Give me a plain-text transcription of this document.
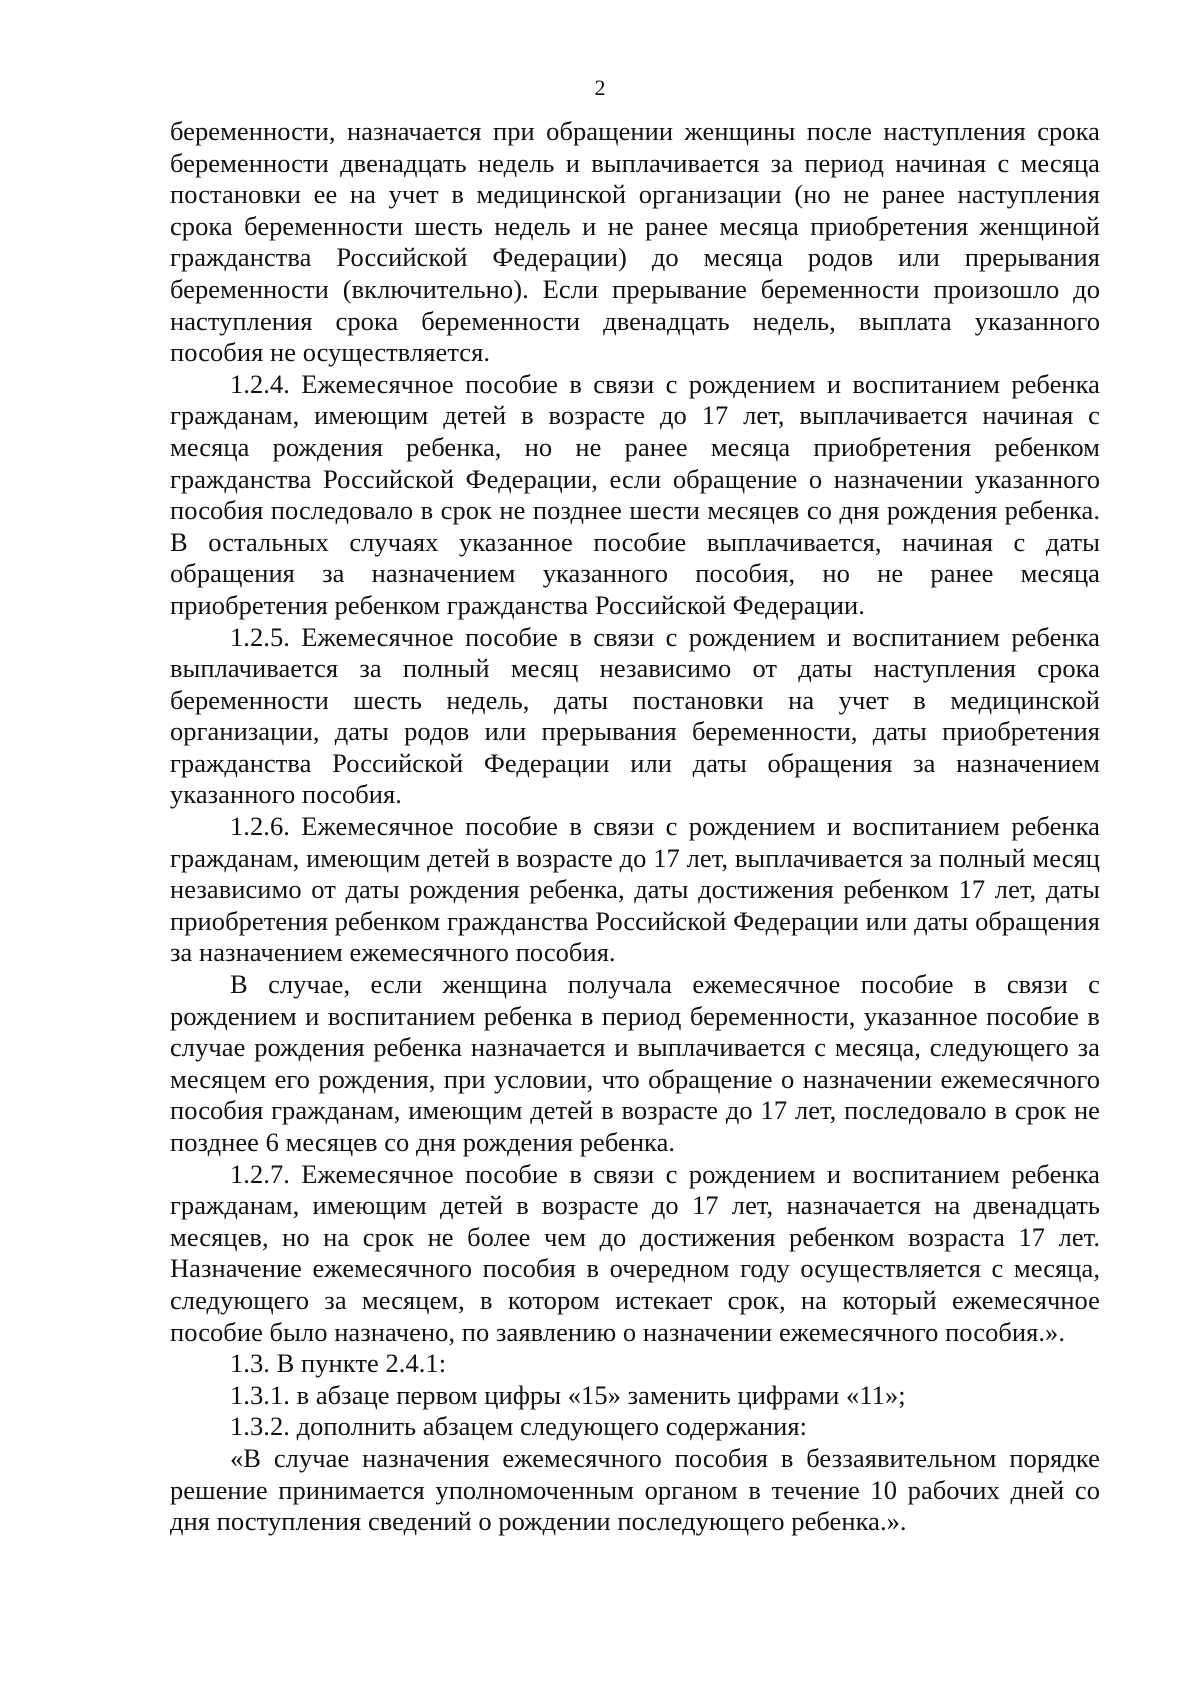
2

беременности, назначается при обращении женщины после наступления срока беременности двенадцать недель и выплачивается за период начиная с месяца постановки ее на учет в медицинской организации (но не ранее наступления срока беременности шесть недель и не ранее месяца приобретения женщиной гражданства Российской Федерации) до месяца родов или прерывания беременности (включительно). Если прерывание беременности произошло до наступления срока беременности двенадцать недель, выплата указанного пособия не осуществляется.

1.2.4. Ежемесячное пособие в связи с рождением и воспитанием ребенка гражданам, имеющим детей в возрасте до 17 лет, выплачивается начиная с месяца рождения ребенка, но не ранее месяца приобретения ребенком гражданства Российской Федерации, если обращение о назначении указанного пособия последовало в срок не позднее шести месяцев со дня рождения ребенка. В остальных случаях указанное пособие выплачивается, начиная с даты обращения за назначением указанного пособия, но не ранее месяца приобретения ребенком гражданства Российской Федерации.

1.2.5. Ежемесячное пособие в связи с рождением и воспитанием ребенка выплачивается за полный месяц независимо от даты наступления срока беременности шесть недель, даты постановки на учет в медицинской организации, даты родов или прерывания беременности, даты приобретения гражданства Российской Федерации или даты обращения за назначением указанного пособия.

1.2.6. Ежемесячное пособие в связи с рождением и воспитанием ребенка гражданам, имеющим детей в возрасте до 17 лет, выплачивается за полный месяц независимо от даты рождения ребенка, даты достижения ребенком 17 лет, даты приобретения ребенком гражданства Российской Федерации или даты обращения за назначением ежемесячного пособия.

В случае, если женщина получала ежемесячное пособие в связи с рождением и воспитанием ребенка в период беременности, указанное пособие в случае рождения ребенка назначается и выплачивается с месяца, следующего за месяцем его рождения, при условии, что обращение о назначении ежемесячного пособия гражданам, имеющим детей в возрасте до 17 лет, последовало в срок не позднее 6 месяцев со дня рождения ребенка.

1.2.7. Ежемесячное пособие в связи с рождением и воспитанием ребенка гражданам, имеющим детей в возрасте до 17 лет, назначается на двенадцать месяцев, но на срок не более чем до достижения ребенком возраста 17 лет. Назначение ежемесячного пособия в очередном году осуществляется с месяца, следующего за месяцем, в котором истекает срок, на который ежемесячное пособие было назначено, по заявлению о назначении ежемесячного пособия.».

1.3. В пункте 2.4.1:

1.3.1. в абзаце первом цифры «15» заменить цифрами «11»;

1.3.2. дополнить абзацем следующего содержания:

«В случае назначения ежемесячного пособия в беззаявительном порядке решение принимается уполномоченным органом в течение 10 рабочих дней со дня поступления сведений о рождении последующего ребенка.».
